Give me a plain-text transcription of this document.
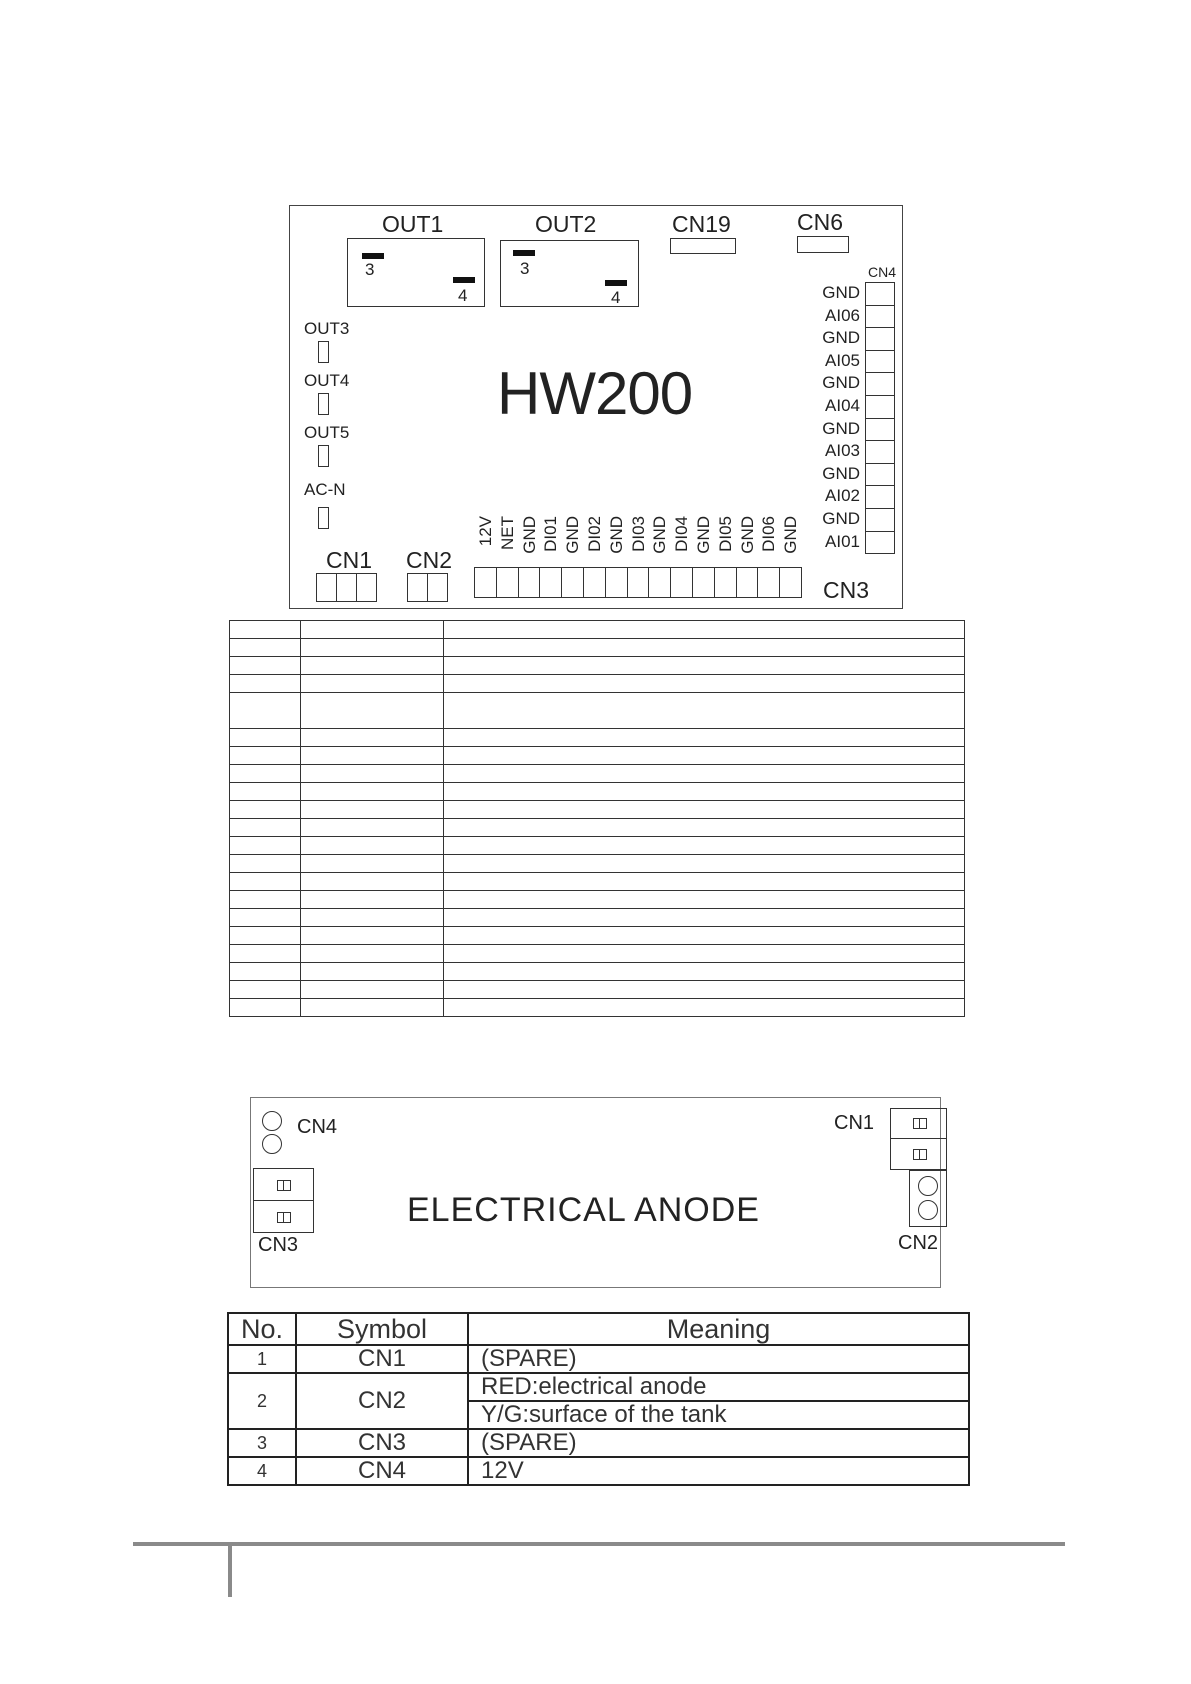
OUT1
3
4
OUT2
3
4
CN19	CN6
OUT3
OUT4
OUT5
AC-N
HW200
CN1 CN2
12V NET GND DI01 GND DI02 GND DI03 GND DI04 GND DI05 GND DI06 GND
CN3
CN4
GND
AI06
GND
AI05
GND
AI04
GND
AI03
GND
AI02
GND
AI01

CN4
CN3
CN1
CN2
ELECTRICAL ANODE
No.	Symbol	Meaning
1	CN1	(SPARE)
2	CN2	RED:electrical anode
		Y/G:surface of the tank
3	CN3	(SPARE)
4	CN4	12V
